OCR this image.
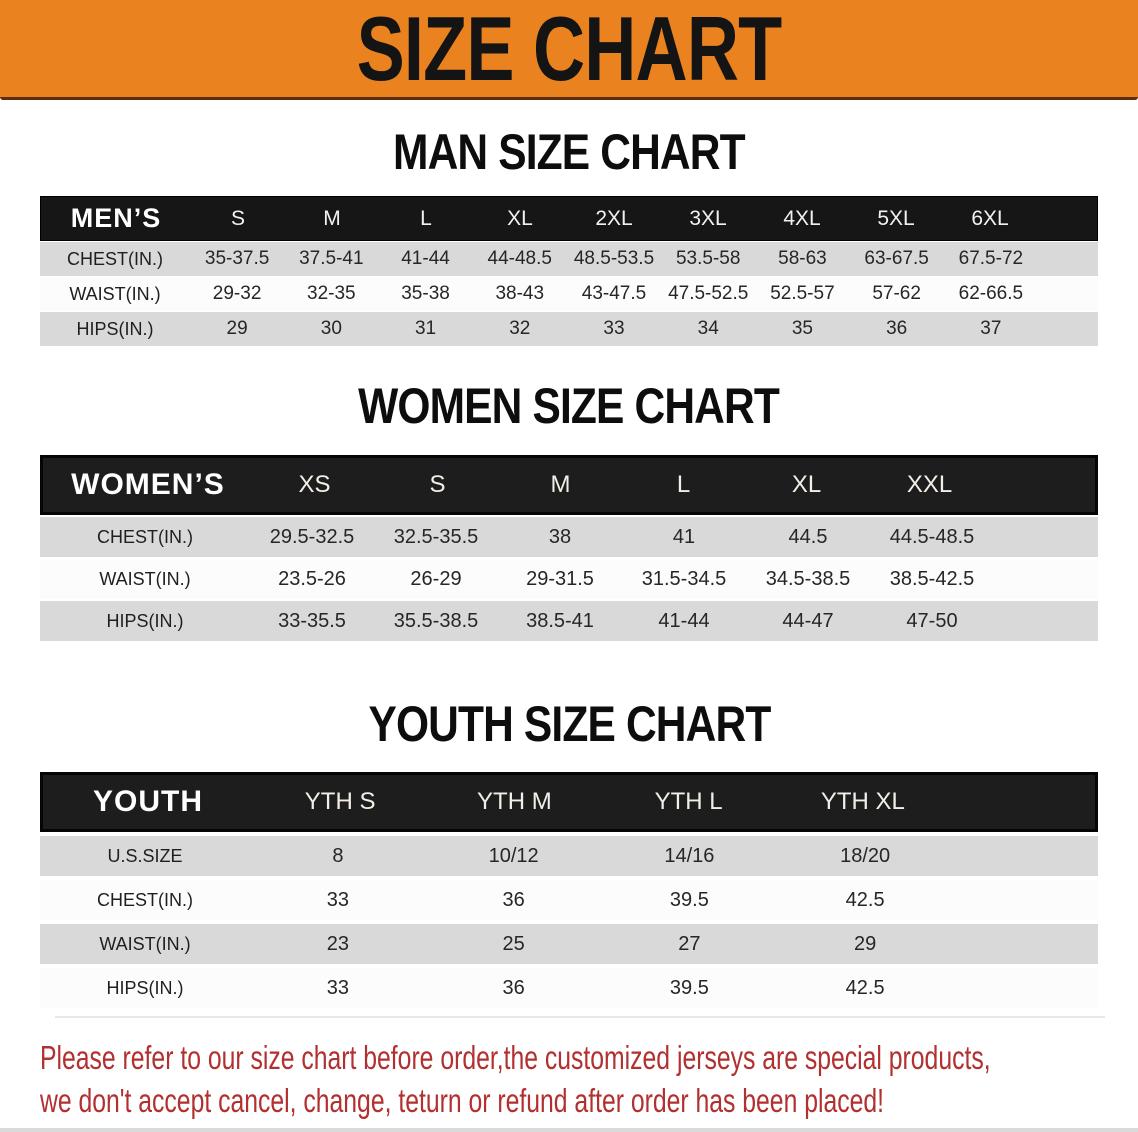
SIZE CHART
MAN SIZE CHART
WOMEN SIZE CHART
YOUTH SIZE CHART
MEN’S	S	M	L	XL	2XL	3XL	4XL	5XL	6XL
CHEST(IN.)	35-37.5	37.5-41	41-44	44-48.5	48.5-53.5	53.5-58	58-63	63-67.5	67.5-72
WAIST(IN.)	29-32	32-35	35-38	38-43	43-47.5	47.5-52.5	52.5-57	57-62	62-66.5
HIPS(IN.)	29	30	31	32	33	34	35	36	37
WOMEN’S	XS	S	M	L	XL	XXL
CHEST(IN.)	29.5-32.5	32.5-35.5	38	41	44.5	44.5-48.5
WAIST(IN.)	23.5-26	26-29	29-31.5	31.5-34.5	34.5-38.5	38.5-42.5
HIPS(IN.)	33-35.5	35.5-38.5	38.5-41	41-44	44-47	47-50
YOUTH	YTH S	YTH M	YTH L	YTH XL
U.S.SIZE	8	10/12	14/16	18/20
CHEST(IN.)	33	36	39.5	42.5
WAIST(IN.)	23	25	27	29
HIPS(IN.)	33	36	39.5	42.5
Please refer to our size chart before order,the customized jerseys are special products,
we don't accept cancel, change, teturn or refund after order has been placed!
